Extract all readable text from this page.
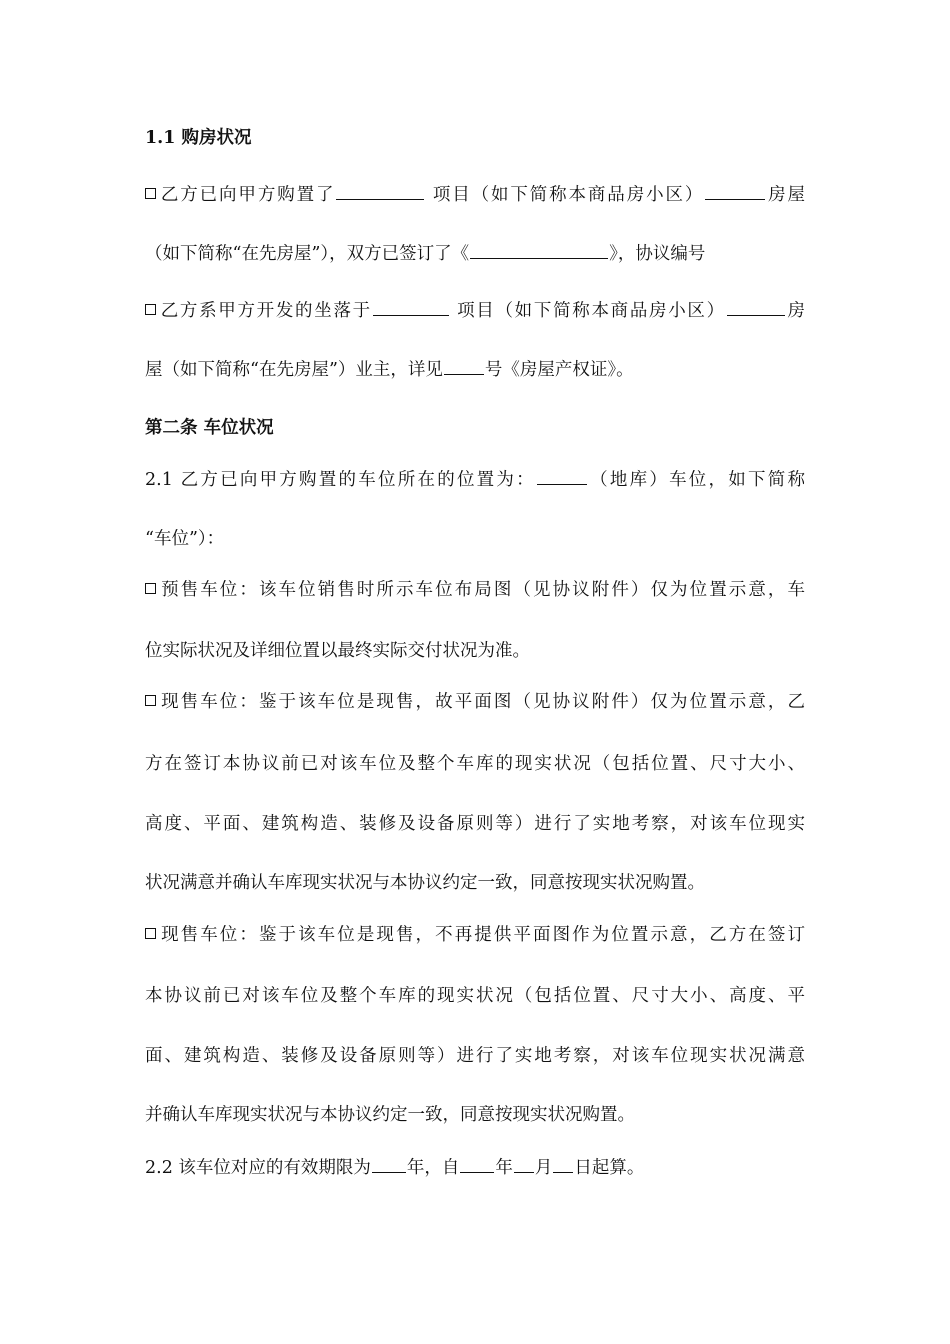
1.1 购房状况
乙方已向甲方购置了	项目（如下简称本商品房小区）	房屋
（如下简称“在先房屋”），双方已签订了《	》，协议编号
乙方系甲方开发的坐落于	项目（如下简称本商品房小区）	房
屋（如下简称“在先房屋”）业主，详见 号《房屋产权证》。
第二条 车位状况
2.1 乙方已向甲方购置的车位所在的位置为：	（地库）车位，如下简称
“车位”）：
预售车位：该车位销售时所示车位布局图（见协议附件）仅为位置示意，车
位实际状况及详细位置以最终实际交付状况为准。
现售车位：鉴于该车位是现售，故平面图（见协议附件）仅为位置示意，乙
方在签订本协议前已对该车位及整个车库的现实状况（包括位置、尺寸大小、
高度、平面、建筑构造、装修及设备原则等）进行了实地考察，对该车位现实
状况满意并确认车库现实状况与本协议约定一致，同意按现实状况购置。
现售车位：鉴于该车位是现售，不再提供平面图作为位置示意，乙方在签订
本协议前已对该车位及整个车库的现实状况（包括位置、尺寸大小、高度、平
面、建筑构造、装修及设备原则等）进行了实地考察，对该车位现实状况满意
并确认车库现实状况与本协议约定一致，同意按现实状况购置。
2.2 该车位对应的有效期限为 年，自 年 月 日起算。
